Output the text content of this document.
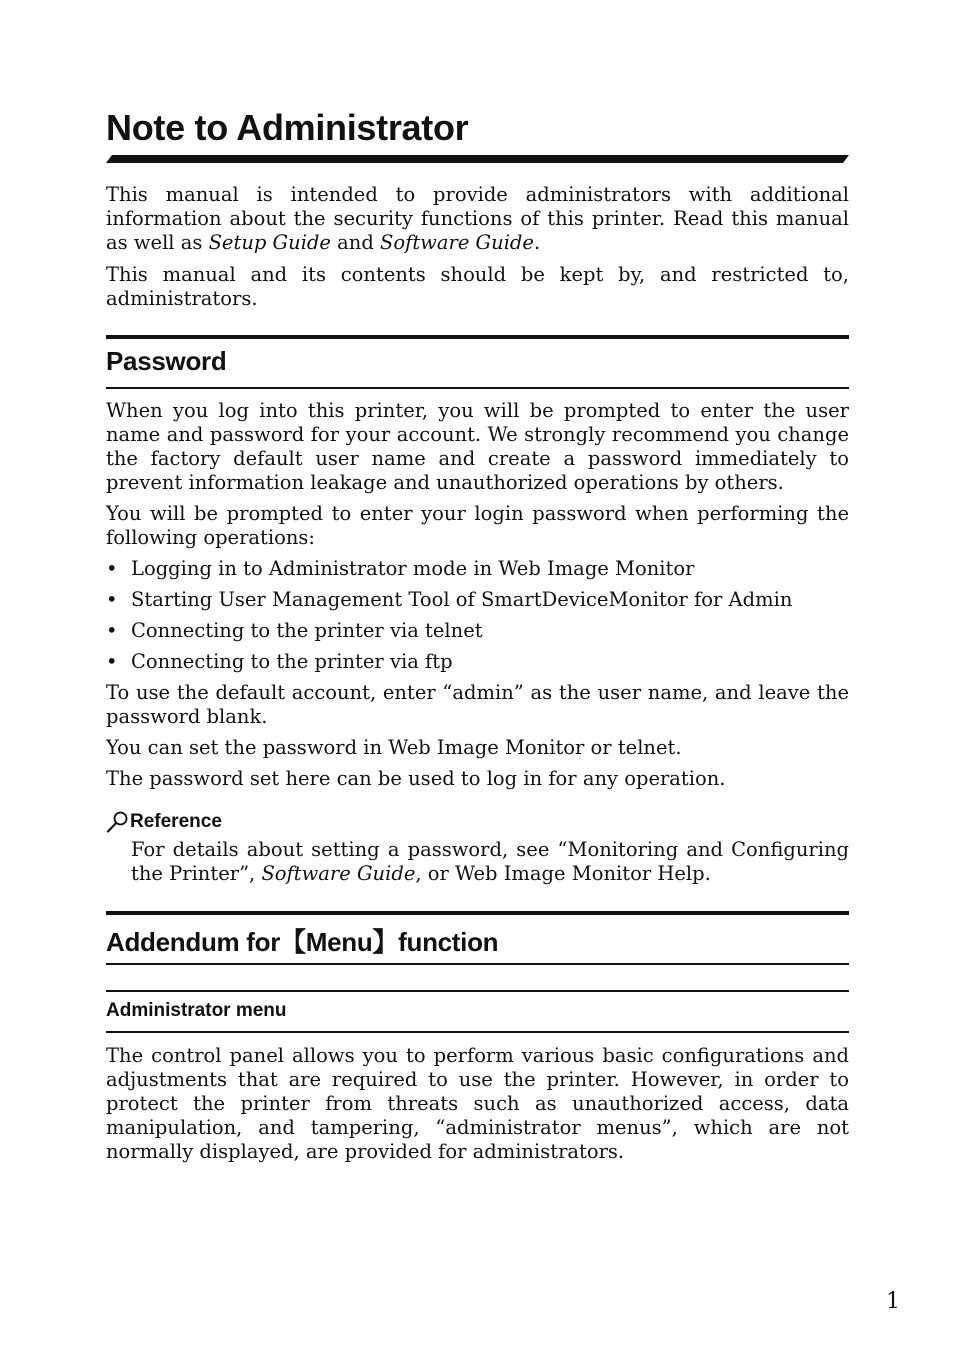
Note to Administrator

This manual is intended to provide administrators with additional information about the security functions of this printer. Read this manual as well as Setup Guide and Software Guide.

This manual and its contents should be kept by, and restricted to, administrators.

Password

When you log into this printer, you will be prompted to enter the user name and password for your account. We strongly recommend you change the factory default user name and create a password immediately to prevent information leakage and unauthorized operations by others.

You will be prompted to enter your login password when performing the following operations:

• Logging in to Administrator mode in Web Image Monitor
• Starting User Management Tool of SmartDeviceMonitor for Admin
• Connecting to the printer via telnet
• Connecting to the printer via ftp

To use the default account, enter “admin” as the user name, and leave the password blank.

You can set the password in Web Image Monitor or telnet.

The password set here can be used to log in for any operation.

Reference

For details about setting a password, see “Monitoring and Configuring the Printer”, Software Guide, or Web Image Monitor Help.

Addendum for【Menu】function
Administrator menu

The control panel allows you to perform various basic configurations and adjustments that are required to use the printer. However, in order to protect the printer from threats such as unauthorized access, data manipulation, and tampering, “administrator menus”, which are not normally displayed, are provided for administrators.

1
